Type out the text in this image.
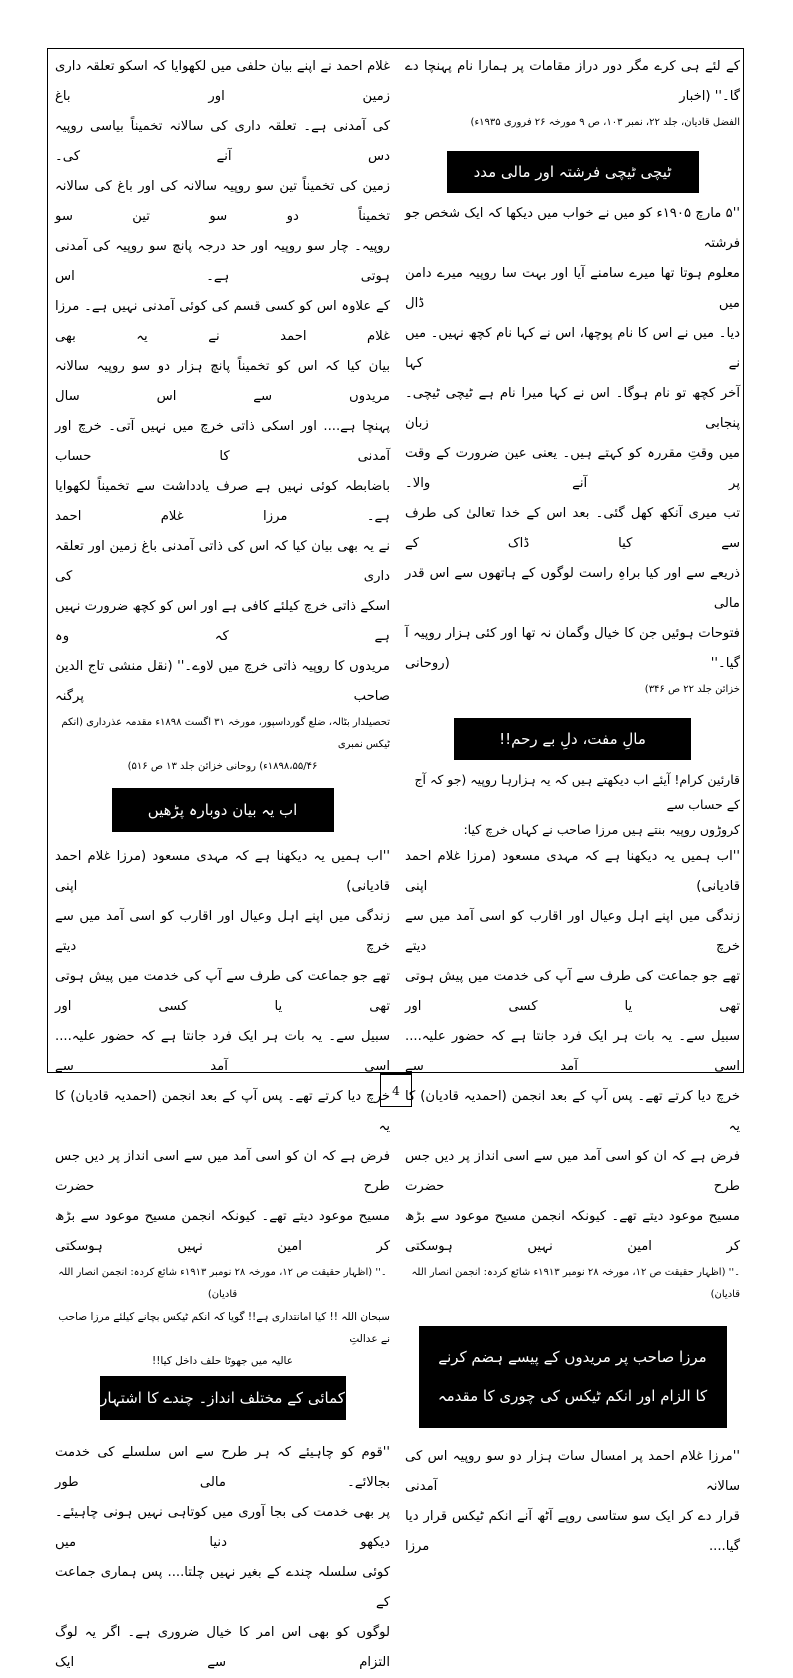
کے لئے ہی کرے مگر دور دراز مقامات پر ہمارا نام پہنچا دے گا۔'' (اخبار

الفضل قادیان، جلد ۲۲، نمبر ۱۰۳، ص ۹ مورخہ ۲۶ فروری ۱۹۳۵ء)

ٹیچی ٹیچی فرشتہ اور مالی مدد

''۵ مارچ ۱۹۰۵ء کو میں نے خواب میں دیکھا کہ ایک شخص جو فرشتہ

معلوم ہوتا تھا میرے سامنے آیا اور بہت سا روپیہ میرے دامن میں ڈال

دیا۔ میں نے اس کا نام پوچھا، اس نے کہا نام کچھ نہیں۔ میں نے کہا

آخر کچھ تو نام ہوگا۔ اس نے کہا میرا نام ہے ٹیچی ٹیچی۔ پنجابی زبان

میں وقتِ مقررہ کو کہتے ہیں۔ یعنی عین ضرورت کے وقت پر آنے والا۔

تب میری آنکھ کھل گئی۔ بعد اس کے خدا تعالیٰ کی طرف سے کیا ڈاک کے

ذریعے سے اور کیا براہِ راست لوگوں کے ہاتھوں سے اس قدر مالی

فتوحات ہوئیں جن کا خیال وگمان نہ تھا اور کئی ہزار روپیہ آ گیا۔'' (روحانی

خزائن جلد ۲۲ ص ۳۴۶)

مالِ مفت، دلِ بے رحم!!

قارئین کرام! آیئے اب دیکھتے ہیں کہ یہ ہزارہا روپیہ (جو کہ آج کے حساب سے

کروڑوں روپیہ بنتے ہیں مرزا صاحب نے کہاں خرچ کیا:

''اب ہمیں یہ دیکھنا ہے کہ مہدی مسعود (مرزا غلام احمد قادیانی) اپنی

زندگی میں اپنے اہل وعیال اور اقارب کو اسی آمد میں سے خرچ دیتے

تھے جو جماعت کی طرف سے آپ کی خدمت میں پیش ہوتی تھی یا کسی اور

سبیل سے۔ یہ بات ہر ایک فرد جانتا ہے کہ حضور علیہ.... اسی آمد سے

خرچ دیا کرتے تھے۔ پس آپ کے بعد انجمن (احمدیہ قادیان) کا یہ

فرض ہے کہ ان کو اسی آمد میں سے اسی انداز پر دیں جس طرح حضرت

مسیح موعود دیتے تھے۔ کیونکہ انجمن مسیح موعود سے بڑھ کر امین نہیں ہوسکتی

۔'' (اظہار حقیقت ص ۱۲، مورخہ ۲۸ نومبر ۱۹۱۳ء شائع کردہ: انجمن انصار اللہ قادیان)

مرزا صاحب پر مریدوں کے پیسے ہضم کرنے
کا الزام اور انکم ٹیکس کی چوری کا مقدمہ

''مرزا غلام احمد پر امسال سات ہزار دو سو روپیہ اس کی سالانہ آمدنی

قرار دے کر ایک سو ستاسی روپے آٹھ آنے انکم ٹیکس قرار دیا گیا.... مرزا

غلام احمد نے اپنے بیان حلفی میں لکھوایا کہ اسکو تعلقہ داری زمین اور باغ

کی آمدنی ہے۔ تعلقہ داری کی سالانہ تخمیناً بیاسی روپیہ دس آنے کی۔

زمین کی تخمیناً تین سو روپیہ سالانہ کی اور باغ کی سالانہ تخمیناً دو سو تین سو

روپیہ۔ چار سو روپیہ اور حد درجہ پانچ سو روپیہ کی آمدنی ہوتی ہے۔ اس

کے علاوہ اس کو کسی قسم کی کوئی آمدنی نہیں ہے۔ مرزا غلام احمد نے یہ بھی

بیان کیا کہ اس کو تخمیناً پانچ ہزار دو سو روپیہ سالانہ مریدوں سے اس سال

پہنچا ہے.... اور اسکی ذاتی خرچ میں نہیں آتی۔ خرچ اور آمدنی کا حساب

باضابطہ کوئی نہیں ہے صرف یادداشت سے تخمیناً لکھوایا ہے۔ مرزا غلام احمد

نے یہ بھی بیان کیا کہ اس کی ذاتی آمدنی باغ زمین اور تعلقہ داری کی

اسکے ذاتی خرچ کیلئے کافی ہے اور اس کو کچھ ضرورت نہیں ہے کہ وہ

مریدوں کا روپیہ ذاتی خرچ میں لاوے۔'' (نقل منشی تاج الدین صاحب پرگنہ

تحصیلدار بٹالہ، ضلع گورداسپور، مورخہ ۳۱ اگست ۱۸۹۸ء مقدمہ عذرداری (انکم ٹیکس نمبری

۱۸۹۸،۵۵/۴۶ء) روحانی خزائن جلد ۱۳ ص ۵۱۶)

اب یہ بیان دوبارہ پڑھیں

''اب ہمیں یہ دیکھنا ہے کہ مہدی مسعود (مرزا غلام احمد قادیانی) اپنی

زندگی میں اپنے اہل وعیال اور اقارب کو اسی آمد میں سے خرچ دیتے

تھے جو جماعت کی طرف سے آپ کی خدمت میں پیش ہوتی تھی یا کسی اور

سبیل سے۔ یہ بات ہر ایک فرد جانتا ہے کہ حضور علیہ.... اسی آمد سے

خرچ دیا کرتے تھے۔ پس آپ کے بعد انجمن (احمدیہ قادیان) کا یہ

فرض ہے کہ ان کو اسی آمد میں سے اسی انداز پر دیں جس طرح حضرت

مسیح موعود دیتے تھے۔ کیونکہ انجمن مسیح موعود سے بڑھ کر امین نہیں ہوسکتی

۔'' (اظہار حقیقت ص ۱۲، مورخہ ۲۸ نومبر ۱۹۱۳ء شائع کردہ: انجمن انصار اللہ قادیان)

سبحان اللہ !! کیا امانتداری ہے!! گویا کہ انکم ٹیکس بچانے کیلئے مرزا صاحب نے عدالتِ

عالیہ میں جھوٹا حلف داخل کیا!!

کمائی کے مختلف انداز۔ چندے کا اشتہار

''قوم کو چاہیئے کہ ہر طرح سے اس سلسلے کی خدمت بجالائے۔ مالی طور

پر بھی خدمت کی بجا آوری میں کوتاہی نہیں ہونی چاہیئے۔ دیکھو دنیا میں

کوئی سلسلہ چندے کے بغیر نہیں چلتا.... پس ہماری جماعت کے

لوگوں کو بھی اس امر کا خیال ضروری ہے۔ اگر یہ لوگ التزام سے ایک

4
